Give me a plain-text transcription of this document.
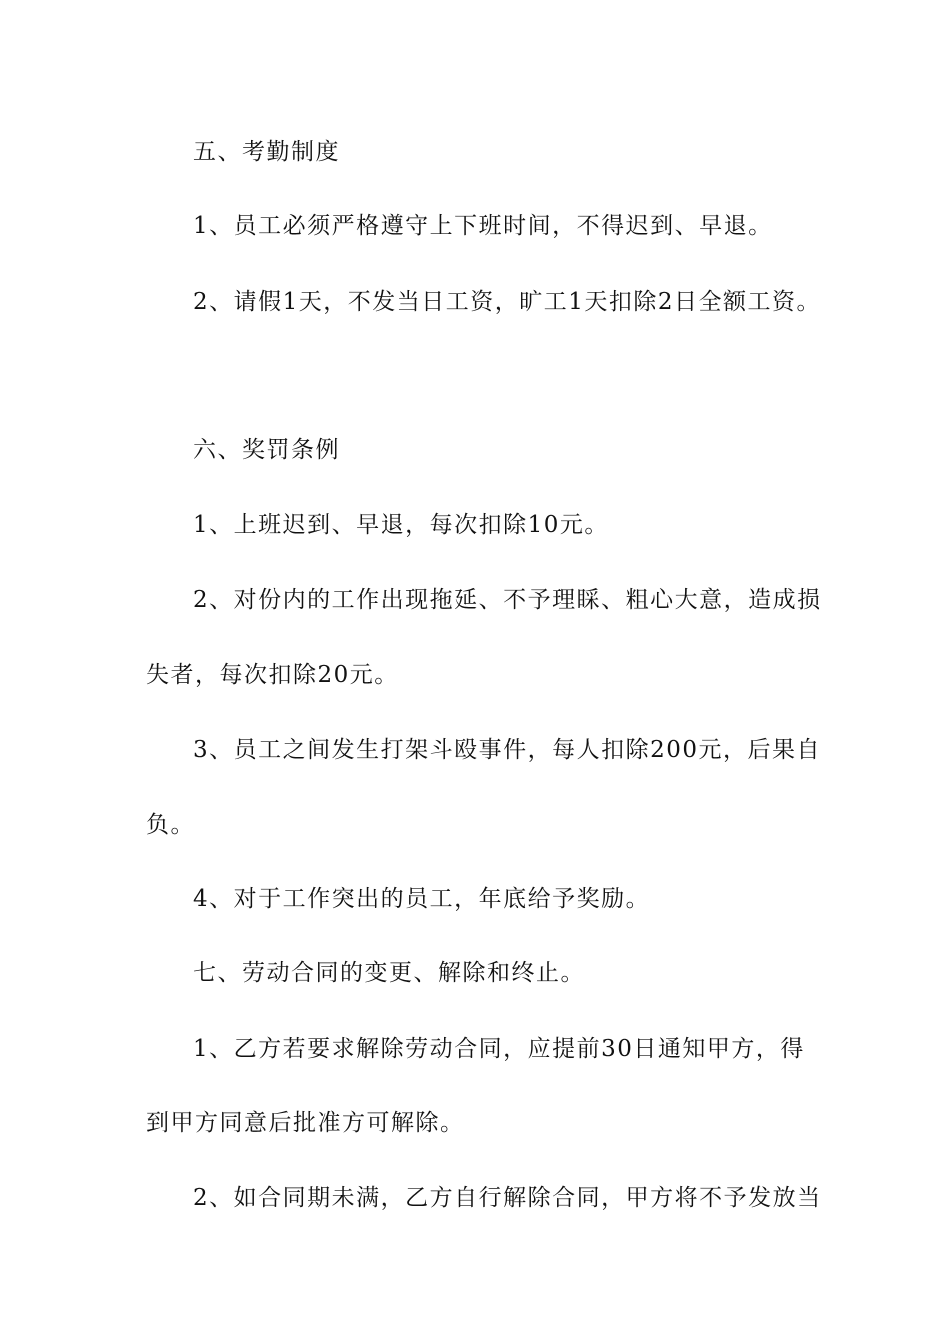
五、考勤制度

1、员工必须严格遵守上下班时间，不得迟到、早退。

2、请假1天，不发当日工资，旷工1天扣除2日全额工资。

六、奖罚条例

1、上班迟到、早退，每次扣除10元。

2、对份内的工作出现拖延、不予理睬、粗心大意，造成损

失者，每次扣除20元。

3、员工之间发生打架斗殴事件，每人扣除200元，后果自

负。

4、对于工作突出的员工，年底给予奖励。

七、劳动合同的变更、解除和终止。

1、乙方若要求解除劳动合同，应提前30日通知甲方，得

到甲方同意后批准方可解除。

2、如合同期未满，乙方自行解除合同，甲方将不予发放当
